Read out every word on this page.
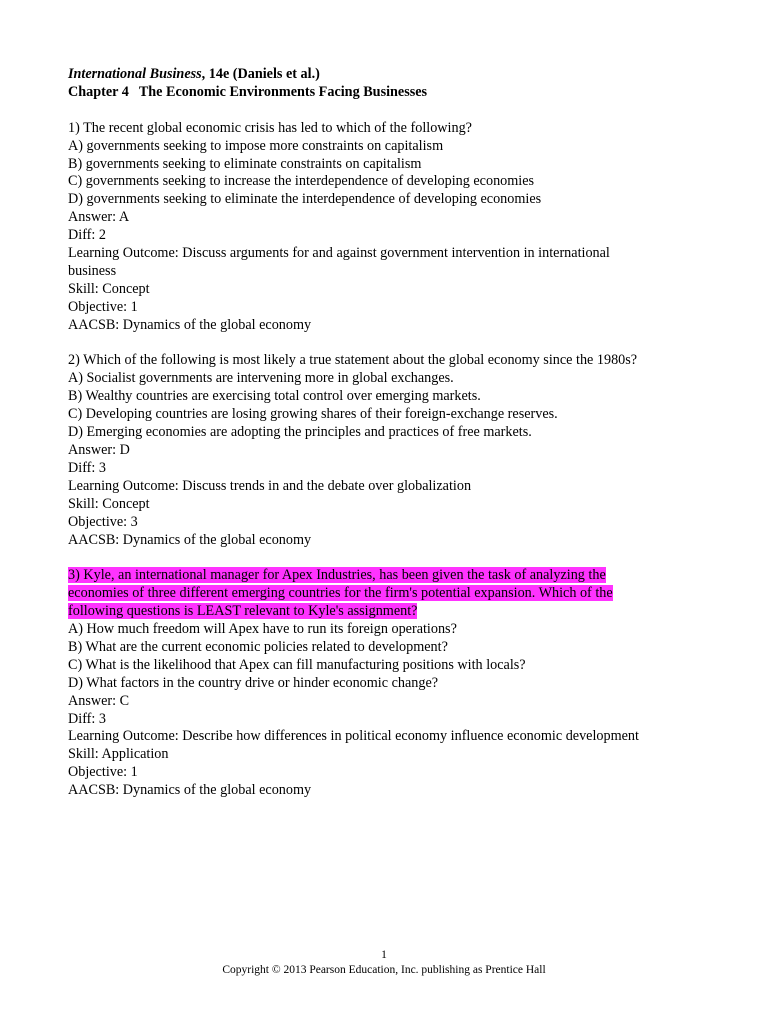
International Business, 14e (Daniels et al.)
Chapter 4 The Economic Environments Facing Businesses
1) The recent global economic crisis has led to which of the following?
A) governments seeking to impose more constraints on capitalism
B) governments seeking to eliminate constraints on capitalism
C) governments seeking to increase the interdependence of developing economies
D) governments seeking to eliminate the interdependence of developing economies
Answer: A
Diff: 2
Learning Outcome: Discuss arguments for and against government intervention in international
business
Skill: Concept
Objective: 1
AACSB: Dynamics of the global economy
2) Which of the following is most likely a true statement about the global economy since the 1980s?
A) Socialist governments are intervening more in global exchanges.
B) Wealthy countries are exercising total control over emerging markets.
C) Developing countries are losing growing shares of their foreign-exchange reserves.
D) Emerging economies are adopting the principles and practices of free markets.
Answer: D
Diff: 3
Learning Outcome: Discuss trends in and the debate over globalization
Skill: Concept
Objective: 3
AACSB: Dynamics of the global economy
3) Kyle, an international manager for Apex Industries, has been given the task of analyzing the
economies of three different emerging countries for the firm's potential expansion. Which of the
following questions is LEAST relevant to Kyle's assignment?
A) How much freedom will Apex have to run its foreign operations?
B) What are the current economic policies related to development?
C) What is the likelihood that Apex can fill manufacturing positions with locals?
D) What factors in the country drive or hinder economic change?
Answer: C
Diff: 3
Learning Outcome: Describe how differences in political economy influence economic development
Skill: Application
Objective: 1
AACSB: Dynamics of the global economy
1
Copyright © 2013 Pearson Education, Inc. publishing as Prentice Hall
